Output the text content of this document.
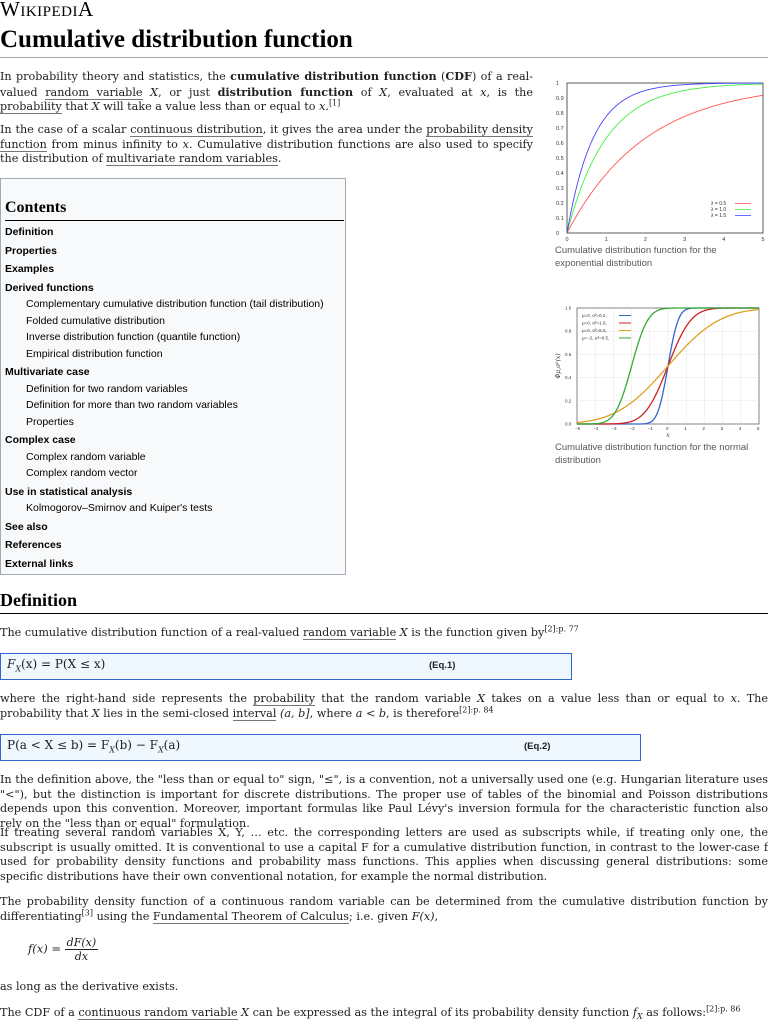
WIKIPEDIA
Cumulative distribution function
In probability theory and statistics, the cumulative distribution function (CDF) of a real-valued random variable X, or just distribution function of X, evaluated at x, is the probability that X will take a value less than or equal to x.[1]
In the case of a scalar continuous distribution, it gives the area under the probability density function from minus infinity to x. Cumulative distribution functions are also used to specify the distribution of multivariate random variables.
1
0.9
0.8
0.7
0.6
0.5
0.4
0.3
0.2
0.1
0
0	1	2	3	4	5
λ = 0.5
λ = 1.0
λ = 1.5
Cumulative distribution function for the exponential distribution
μ=0, σ²=0.2,
μ=0, σ²=1.0,
μ=0, σ²=5.0,
μ=−2, σ²=0.5,
1.0
0.8
0.6
0.4
0.2
0.0
−5	−4	−3	−2	−1	0	1	2	3	4	5
Φμ,σ²(x)
x
Cumulative distribution function for the normal distribution
Contents
Definition
Properties
Examples
Derived functions
Complementary cumulative distribution function (tail distribution)
Folded cumulative distribution
Inverse distribution function (quantile function)
Empirical distribution function
Multivariate case
Definition for two random variables
Definition for more than two random variables
Properties
Complex case
Complex random variable
Complex random vector
Use in statistical analysis
Kolmogorov–Smirnov and Kuiper's tests
See also
References
External links
Definition
The cumulative distribution function of a real-valued random variable X is the function given $by^{[2]:p. 77}$
$F_X(x) = P(X \le x)$	(Eq.1)
where the right-hand side represents the probability that the random variable X takes on a value less than or equal to x. The probability that X lies in the semi-closed interval (a, b], where a < b, is therefore$^{[2]:p. 84}$
$P(a < X \le b) = F_X(b) - F_X(a)$	(Eq.2)
In the definition above, the "less than or equal to" sign, "≤", is a convention, not a universally used one (e.g. Hungarian literature uses "<"), but the distinction is important for discrete distributions. The proper use of tables of the binomial and Poisson distributions depends upon this convention. Moreover, important formulas like Paul Lévy's inversion formula for the characteristic function also rely on the "less than or equal" formulation.
If treating several random variables X, Y, … etc. the corresponding letters are used as subscripts while, if treating only one, the subscript is usually omitted. It is conventional to use a capital F for a cumulative distribution function, in contrast to the lower-case f used for probability density functions and probability mass functions. This applies when discussing general distributions: some specific distributions have their own conventional notation, for example the normal distribution.
The probability density function of a continuous random variable can be determined from the cumulative distribution function by differentiating[3] using the Fundamental Theorem of Calculus; i.e. given F(x),
$f(x) = \frac{dF(x)}{dx}$
as long as the derivative exists.
The CDF of a continuous random variable X can be expressed as the integral of its probability density function $f_X$ as follows:$^{[2]:p. 86}$
